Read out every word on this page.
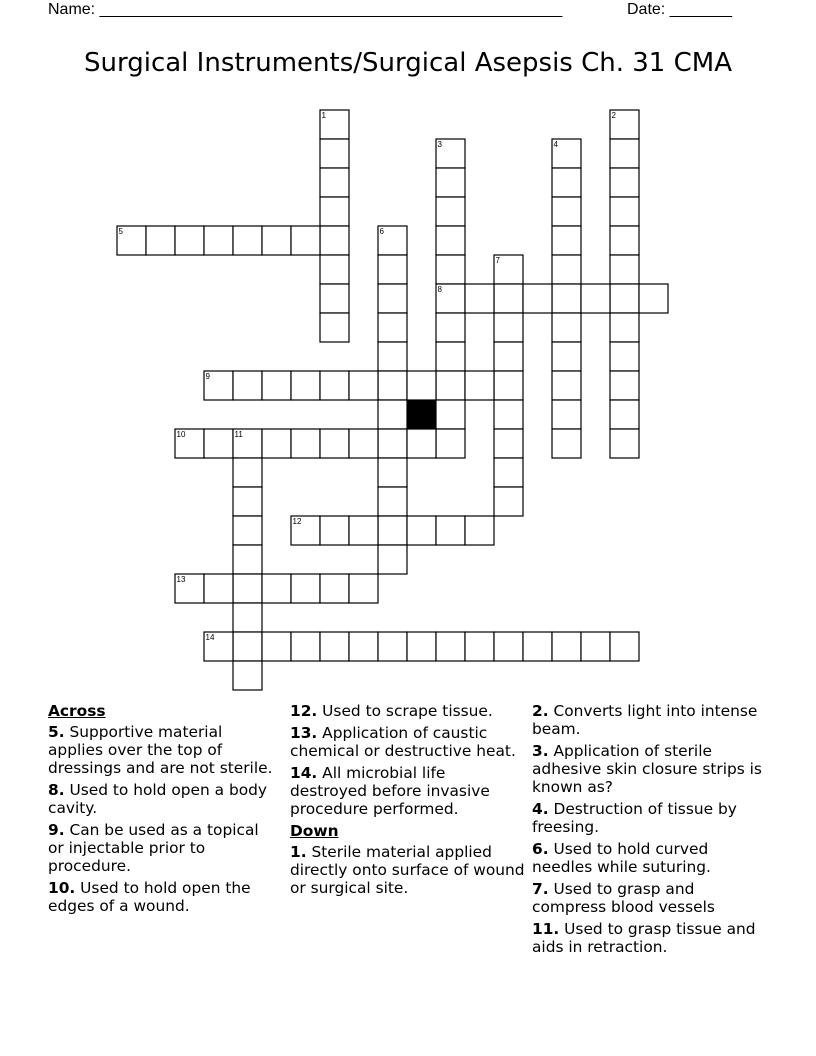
Name: ____________________________________________________	Date: _______
Surgical Instruments/Surgical Asepsis Ch. 31 CMA
1	2
3	4
5	6
7
8
9
10	11
12
13
14
Across
5. Supportive material applies over the top of dressings and are not sterile.
8. Used to hold open a body cavity.
9. Can be used as a topical or injectable prior to procedure.
10. Used to hold open the edges of a wound.
12. Used to scrape tissue.
13. Application of caustic chemical or destructive heat.
14. All microbial life destroyed before invasive procedure performed.
Down
1. Sterile material applied directly onto surface of wound or surgical site.
2. Converts light into intense beam.
3. Application of sterile adhesive skin closure strips is known as?
4. Destruction of tissue by freesing.
6. Used to hold curved needles while suturing.
7. Used to grasp and compress blood vessels
11. Used to grasp tissue and aids in retraction.
